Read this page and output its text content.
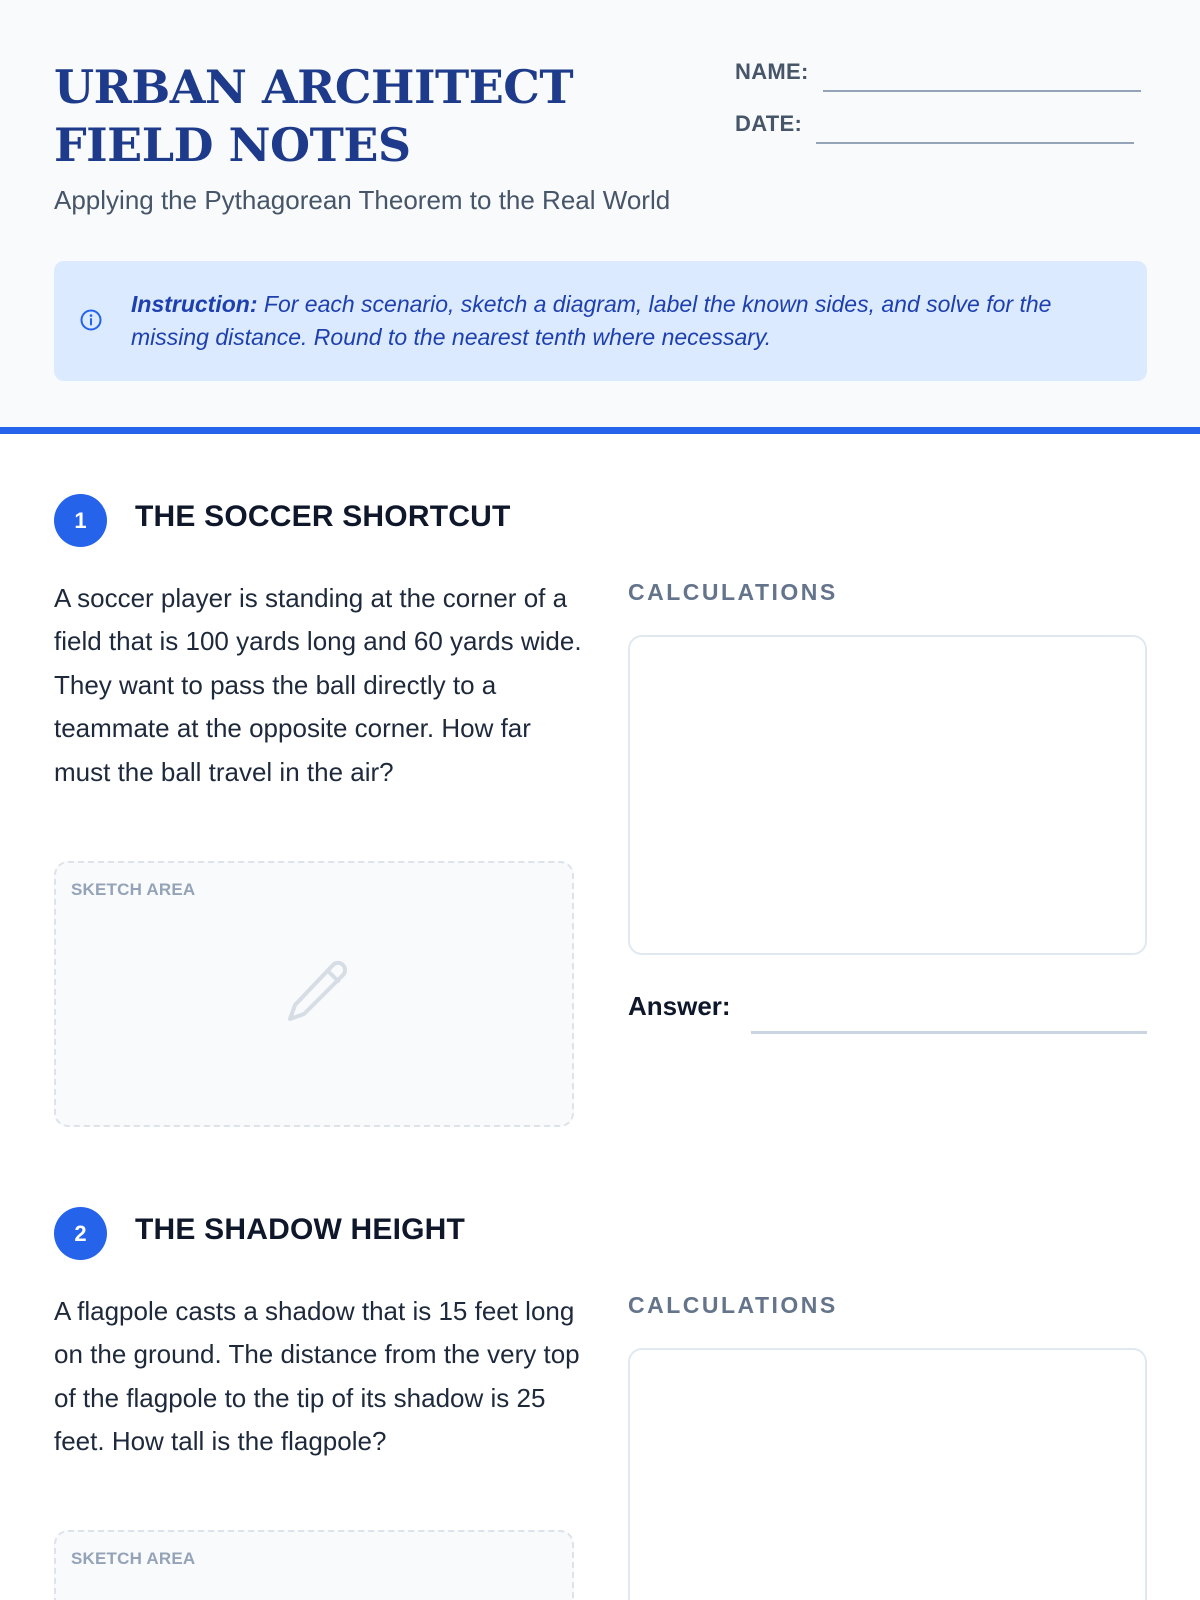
URBAN ARCHITECT FIELD NOTES
Applying the Pythagorean Theorem to the Real World
NAME:
DATE:
Instruction: For each scenario, sketch a diagram, label the known sides, and solve for the missing distance. Round to the nearest tenth where necessary.
1	THE SOCCER SHORTCUT

A soccer player is standing at the corner of a field that is 100 yards long and 60 yards wide. They want to pass the ball directly to a teammate at the opposite corner. How far must the ball travel in the air?

SKETCH AREA
CALCULATIONS
Answer:
2	THE SHADOW HEIGHT

A flagpole casts a shadow that is 15 feet long on the ground. The distance from the very top of the flagpole to the tip of its shadow is 25 feet. How tall is the flagpole?

SKETCH AREA
CALCULATIONS
